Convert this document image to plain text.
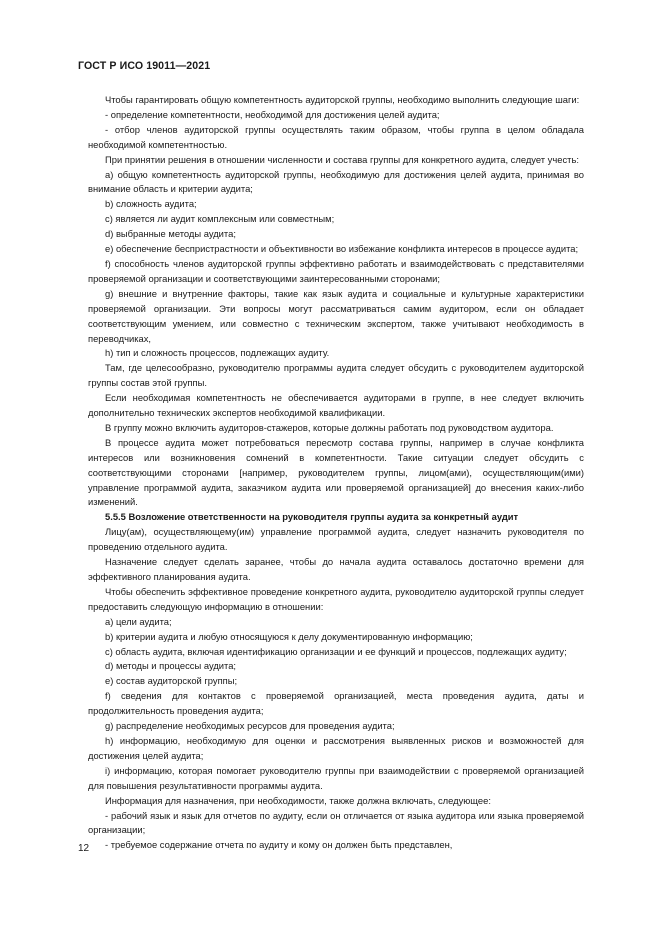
ГОСТ Р ИСО 19011—2021

Чтобы гарантировать общую компетентность аудиторской группы, необходимо выполнить следующие шаги:

- определение компетентности, необходимой для достижения целей аудита;

- отбор членов аудиторской группы осуществлять таким образом, чтобы группа в целом обладала необходимой компетентностью.

При принятии решения в отношении численности и состава группы для конкретного аудита, следует учесть:

а) общую компетентность аудиторской группы, необходимую для достижения целей аудита, принимая во внимание область и критерии аудита;

b) сложность аудита;

c) является ли аудит комплексным или совместным;

d) выбранные методы аудита;

е) обеспечение беспристрастности и объективности во избежание конфликта интересов в процессе аудита;

f) способность членов аудиторской группы эффективно работать и взаимодействовать с представителями проверяемой организации и соответствующими заинтересованными сторонами;

g) внешние и внутренние факторы, такие как язык аудита и социальные и культурные характеристики проверяемой организации. Эти вопросы могут рассматриваться самим аудитором, если он обладает соответствующим умением, или совместно с техническим экспертом, также учитывают необходимость в переводчиках,

h) тип и сложность процессов, подлежащих аудиту.

Там, где целесообразно, руководителю программы аудита следует обсудить с руководителем аудиторской группы состав этой группы.

Если необходимая компетентность не обеспечивается аудиторами в группе, в нее следует включить дополнительно технических экспертов необходимой квалификации.

В группу можно включить аудиторов-стажеров, которые должны работать под руководством аудитора.

В процессе аудита может потребоваться пересмотр состава группы, например в случае конфликта интересов или возникновения сомнений в компетентности. Такие ситуации следует обсудить с соответствующими сторонами [например, руководителем группы, лицом(ами), осуществляющим(ими) управление программой аудита, заказчиком аудита или проверяемой организацией] до внесения каких-либо изменений.

5.5.5 Возложение ответственности на руководителя группы аудита за конкретный аудит

Лицу(ам), осуществляющему(им) управление программой аудита, следует назначить руководителя по проведению отдельного аудита.

Назначение следует сделать заранее, чтобы до начала аудита оставалось достаточно времени для эффективного планирования аудита.

Чтобы обеспечить эффективное проведение конкретного аудита, руководителю аудиторской группы следует предоставить следующую информацию в отношении:

а) цели аудита;

b) критерии аудита и любую относящуюся к делу документированную информацию;

c) область аудита, включая идентификацию организации и ее функций и процессов, подлежащих аудиту;

d) методы и процессы аудита;

е) состав аудиторской группы;

f) сведения для контактов с проверяемой организацией, места проведения аудита, даты и продолжительность проведения аудита;

g) распределение необходимых ресурсов для проведения аудита;

h) информацию, необходимую для оценки и рассмотрения выявленных рисков и возможностей для достижения целей аудита;

i) информацию, которая помогает руководителю группы при взаимодействии с проверяемой организацией для повышения результативности программы аудита.

Информация для назначения, при необходимости, также должна включать, следующее:

- рабочий язык и язык для отчетов по аудиту, если он отличается от языка аудитора или языка проверяемой организации;

- требуемое содержание отчета по аудиту и кому он должен быть представлен,

12
